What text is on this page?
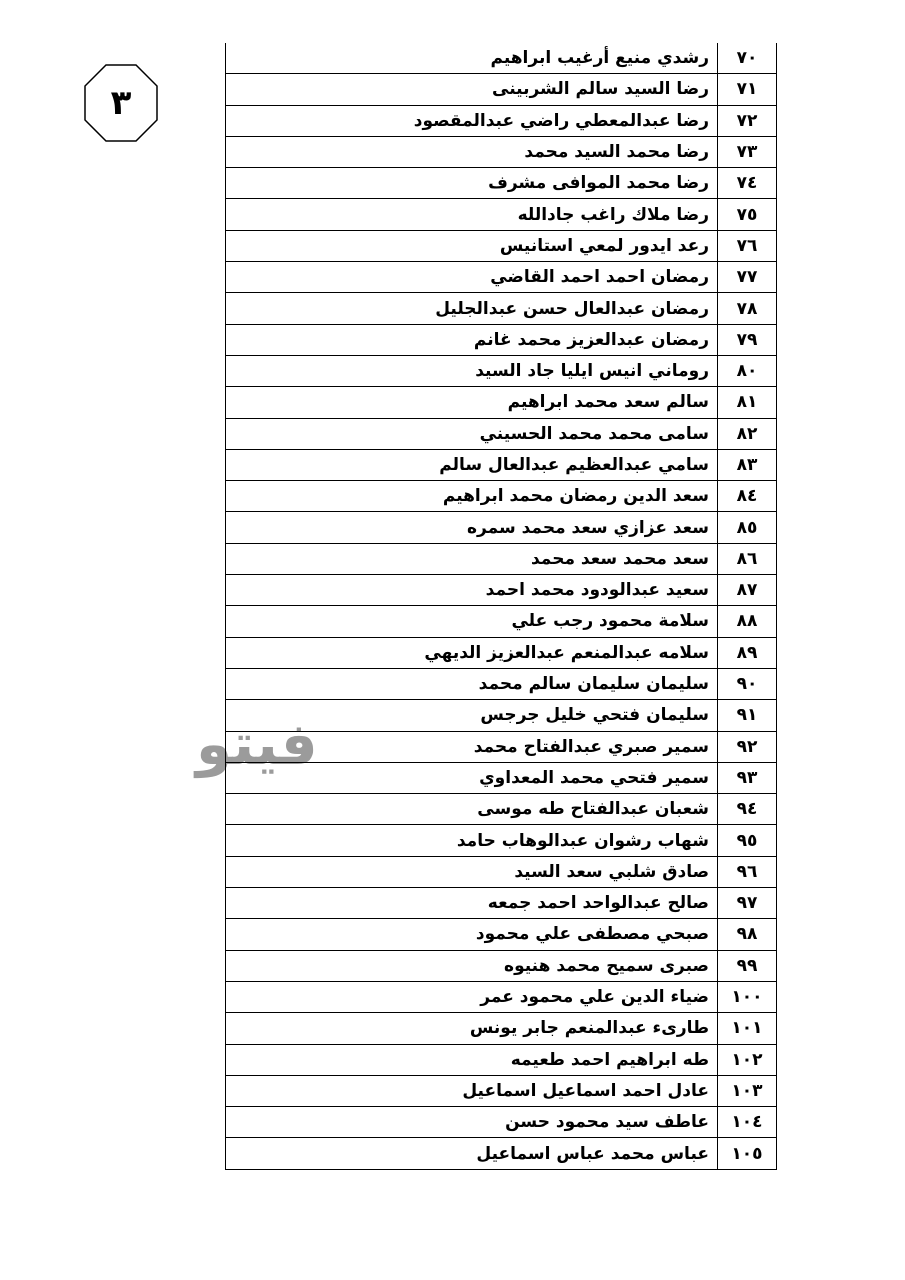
٣
فيتو
٧٠	رشدي منيع أرغيب ابراهيم
٧١	رضا السيد سالم الشربينى
٧٢	رضا عبدالمعطي راضي عبدالمقصود
٧٣	رضا محمد السيد محمد
٧٤	رضا محمد الموافى مشرف
٧٥	رضا ملاك راغب جادالله
٧٦	رعد ايدور لمعي استانيس
٧٧	رمضان احمد احمد القاضي
٧٨	رمضان عبدالعال حسن عبدالجليل
٧٩	رمضان عبدالعزيز محمد غانم
٨٠	روماني انيس ايليا جاد السيد
٨١	سالم سعد محمد ابراهيم
٨٢	سامى محمد محمد الحسيني
٨٣	سامي عبدالعظيم عبدالعال سالم
٨٤	سعد الدين رمضان محمد ابراهيم
٨٥	سعد عزازي سعد محمد سمره
٨٦	سعد محمد سعد محمد
٨٧	سعيد عبدالودود محمد احمد
٨٨	سلامة محمود رجب علي
٨٩	سلامه عبدالمنعم عبدالعزيز الديهي
٩٠	سليمان سليمان سالم محمد
٩١	سليمان فتحي خليل جرجس
٩٢	سمير صبري عبدالفتاح محمد
٩٣	سمير فتحي محمد المعداوي
٩٤	شعبان عبدالفتاح طه موسى
٩٥	شهاب رشوان عبدالوهاب حامد
٩٦	صادق شلبي سعد السيد
٩٧	صالح عبدالواحد احمد جمعه
٩٨	صبحي مصطفى علي محمود
٩٩	صبرى سميح محمد هنيوه
١٠٠	ضياء الدين علي محمود عمر
١٠١	طارىء عبدالمنعم جابر يونس
١٠٢	طه ابراهيم احمد طعيمه
١٠٣	عادل احمد اسماعيل اسماعيل
١٠٤	عاطف سيد محمود حسن
١٠٥	عباس محمد عباس اسماعيل
